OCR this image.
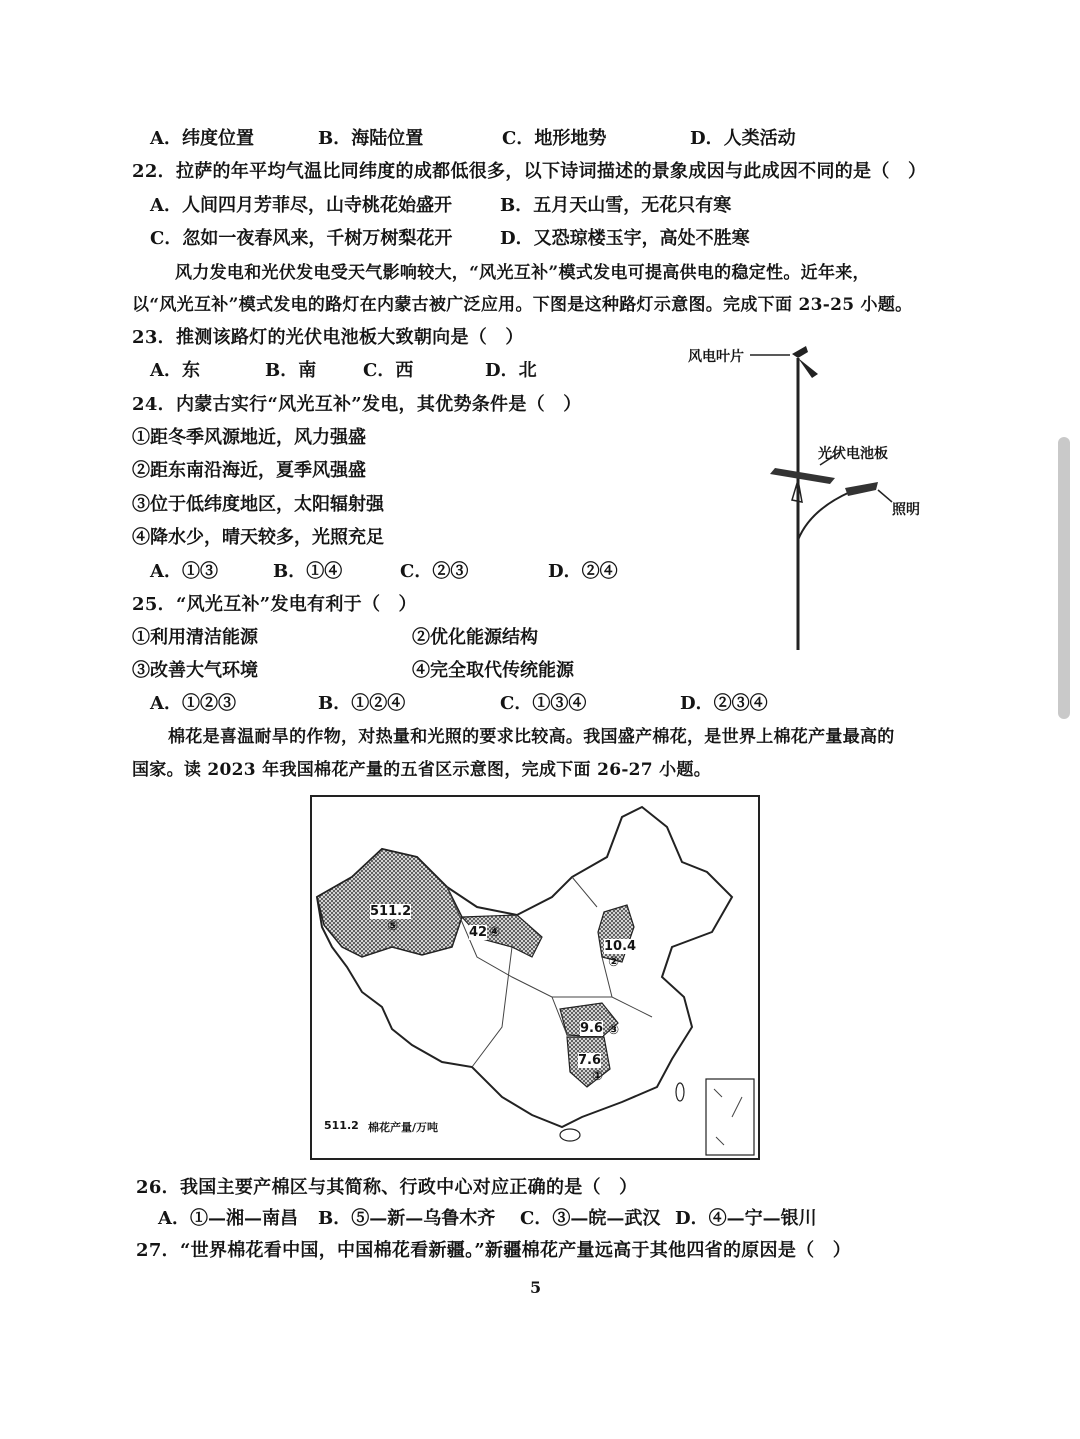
A．纬度位置	B．海陆位置	C．地形地势	D．人类活动
22．拉萨的年平均气温比同纬度的成都低很多，以下诗词描述的景象成因与此成因不同的是（　）
A．人间四月芳菲尽，山寺桃花始盛开	B．五月天山雪，无花只有寒
C．忽如一夜春风来，千树万树梨花开	D．又恐琼楼玉宇，高处不胜寒
风力发电和光伏发电受天气影响较大，“风光互补”模式发电可提高供电的稳定性。近年来，
以“风光互补”模式发电的路灯在内蒙古被广泛应用。下图是这种路灯示意图。完成下面 23-25 小题。
23．推测该路灯的光伏电池板大致朝向是（　）
A．东	B．南	C．西	D．北
24．内蒙古实行“风光互补”发电，其优势条件是（　）
①距冬季风源地近，风力强盛
②距东南沿海近，夏季风强盛
③位于低纬度地区，太阳辐射强
④降水少，晴天较多，光照充足
A．①③	B．①④	C．②③	D．②④
25．“风光互补”发电有利于（　）
①利用清洁能源	②优化能源结构
③改善大气环境	④完全取代传统能源
A．①②③	B．①②④	C．①③④	D．②③④
风电叶片
光伏电池板
照明
棉花是喜温耐旱的作物，对热量和光照的要求比较高。我国盛产棉花，是世界上棉花产量最高的
国家。读 2023 年我国棉花产量的五省区示意图，完成下面 26-27 小题。
511.2
⑤	42 ④
10.4
②
9.6 ③
7.6
①
511.2 棉花产量/万吨
26．我国主要产棉区与其简称、行政中心对应正确的是（　）
A．①—湘—南昌 B．⑤—新—乌鲁木齐 C．③—皖—武汉 D．④—宁—银川
27．“世界棉花看中国，中国棉花看新疆。”新疆棉花产量远高于其他四省的原因是（　）
5
